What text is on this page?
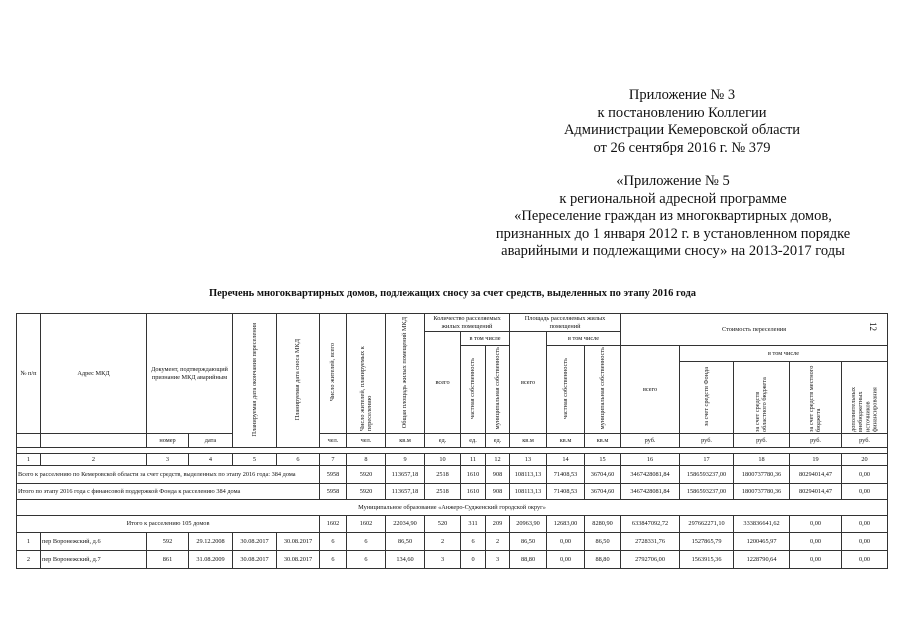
Приложение № 3
к постановлению Коллегии
Администрации Кемеровской области
от 26 сентября 2016 г. № 379
«Приложение № 5
к региональной адресной программе
«Переселение граждан из многоквартирных домов,
признанных до 1 января 2012 г. в установленном порядке
аварийными и подлежащими сносу» на 2013-2017 годы
Перечень многоквартирных домов, подлежащих сносу за счет средств, выделенных по этапу 2016 года
12
№ п/п	Адрес МКД	Документ, подтверждающий признание МКД аварийным		Планируемая дата окончания переселения	Планируемая дата сноса МКД	Число жителей, всего	Число жителей, планируемых к переселению	Общая площадь жилых помещений МКД	Количество расселяемых жилых помещений			Площадь расселяемых жилых помещений			Стоимость переселения				
									всего	в том числе		всего	в том числе						
										частная собственность	муниципальная собственность		частная собственность	муниципальная собственность	всего	в том числе			
																за счет средств Фонда	за счет средств областного бюджета	за счет средств местного бюджета	дополнительных внебюджетных источников финансирования
		номер	дата			чел.	чел.	кв.м	ед.	ед.	ед.	кв.м	кв.м	кв.м	руб.	руб.	руб.	руб.	руб.

1	2	3	4	5	6	7	8	9	10	11	12	13	14	15	16	17	18	19	20
Всего к расселению по Кемеровской области за счет средств, выделенных по этапу 2016 года: 384 дома						5958	5920	113657,18	2518	1610	908	108113,13	71408,53	36704,60	3467428081,84	1586593237,00	1800737780,36	80294014,47	0,00
Итого по этапу 2016 года с финансовой поддержкой Фонда к расселению 384 дома						5958	5920	113657,18	2518	1610	908	108113,13	71408,53	36704,60	3467428081,84	1586593237,00	1800737780,36	80294014,47	0,00
Муниципальное образование «Анжеро-Судженский городской округ»																			
Итого к расселению 105 домов						1602	1602	22034,90	520	311	209	20963,90	12683,00	8280,90	633847092,72	297662271,10	333836641,62	0,00	0,00
1	пер Воронежский, д.6	592	29.12.2008	30.08.2017	30.08.2017	6	6	86,50	2	6	2	86,50	0,00	86,50	2728331,76	1527865,79	1200465,97	0,00	0,00
2	пер Воронежский, д.7	861	31.08.2009	30.08.2017	30.08.2017	6	6	134,60	3	0	3	88,80	0,00	88,80	2792706,00	1563915,36	1228790,64	0,00	0,00
